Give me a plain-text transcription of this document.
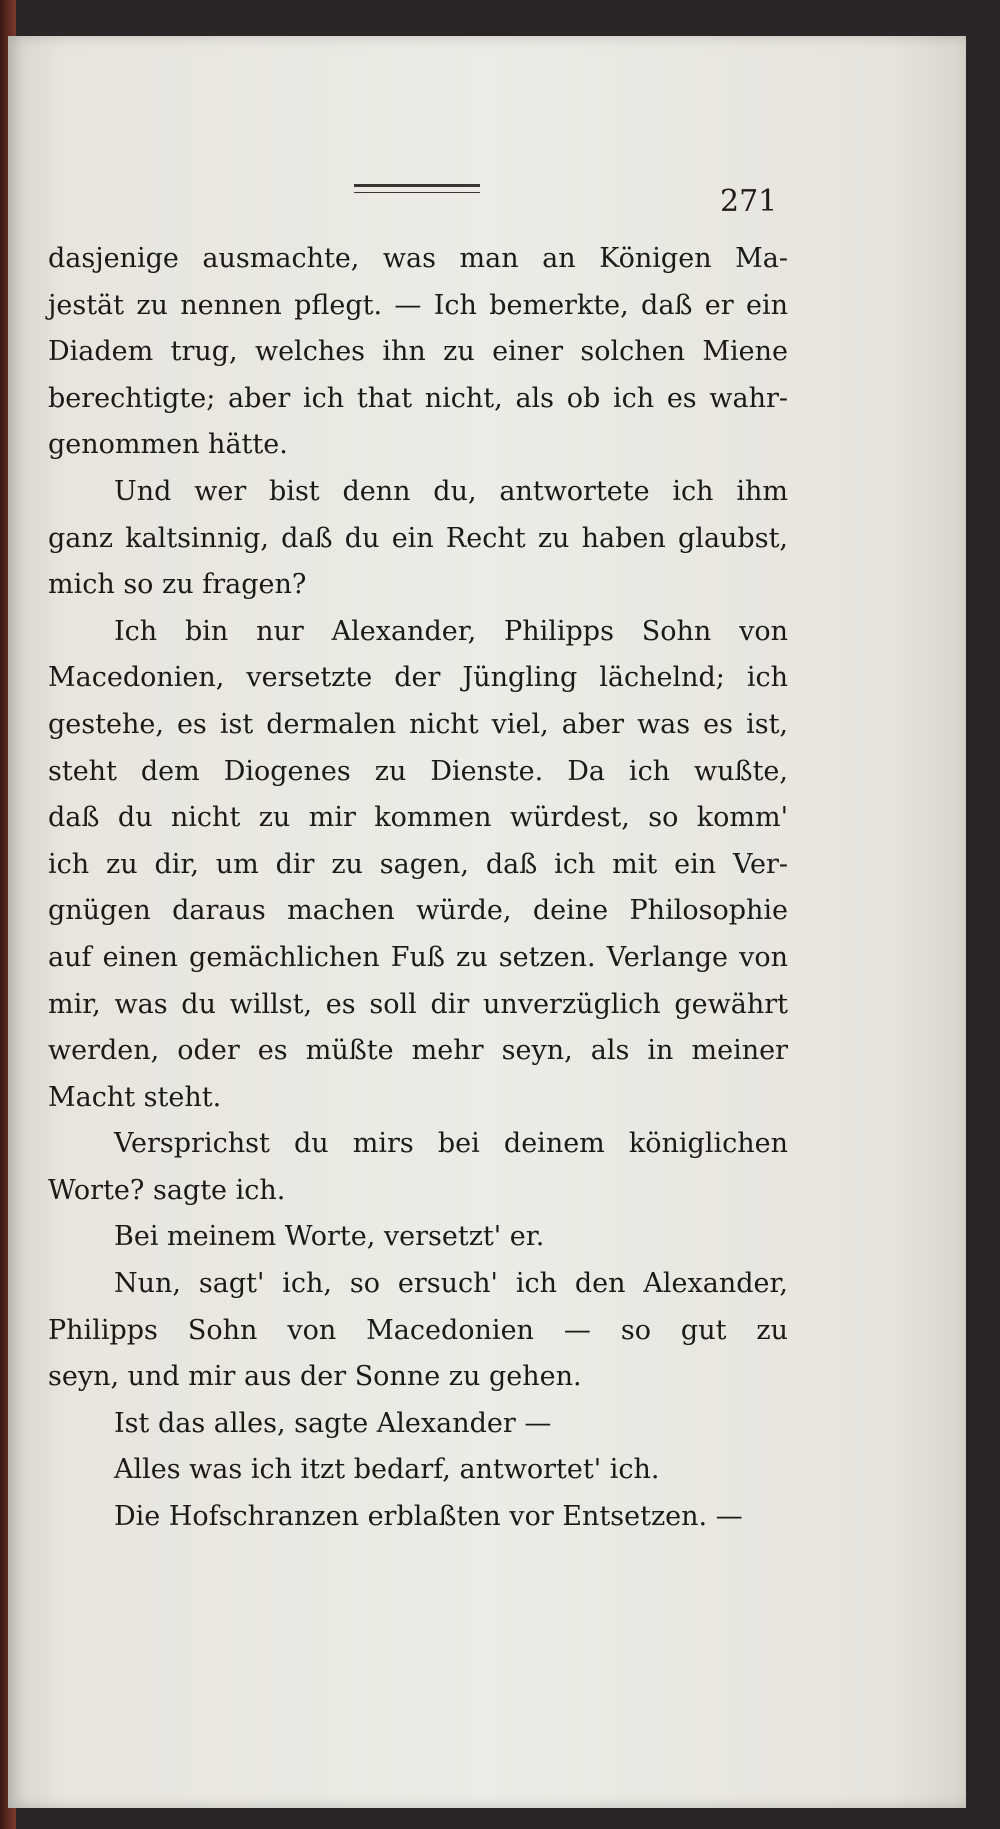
271
dasjenige ausmachte, was man an Königen Ma-
jestät zu nennen pflegt. — Ich bemerkte, daß er ein
Diadem trug, welches ihn zu einer solchen Miene
berechtigte; aber ich that nicht, als ob ich es wahr-
genommen hätte.
Und wer bist denn du, antwortete ich ihm
ganz kaltsinnig, daß du ein Recht zu haben glaubst,
mich so zu fragen?
Ich bin nur Alexander, Philipps Sohn von
Macedonien, versetzte der Jüngling lächelnd; ich
gestehe, es ist dermalen nicht viel, aber was es ist,
steht dem Diogenes zu Dienste. Da ich wußte,
daß du nicht zu mir kommen würdest, so komm'
ich zu dir, um dir zu sagen, daß ich mit ein Ver-
gnügen daraus machen würde, deine Philosophie
auf einen gemächlichen Fuß zu setzen. Verlange von
mir, was du willst, es soll dir unverzüglich gewährt
werden, oder es müßte mehr seyn, als in meiner
Macht steht.
Versprichst du mirs bei deinem königlichen
Worte? sagte ich.
Bei meinem Worte, versetzt' er.
Nun, sagt' ich, so ersuch' ich den Alexander,
Philipps Sohn von Macedonien — so gut zu
seyn, und mir aus der Sonne zu gehen.
Ist das alles, sagte Alexander —
Alles was ich itzt bedarf, antwortet' ich.
Die Hofschranzen erblaßten vor Entsetzen. —
